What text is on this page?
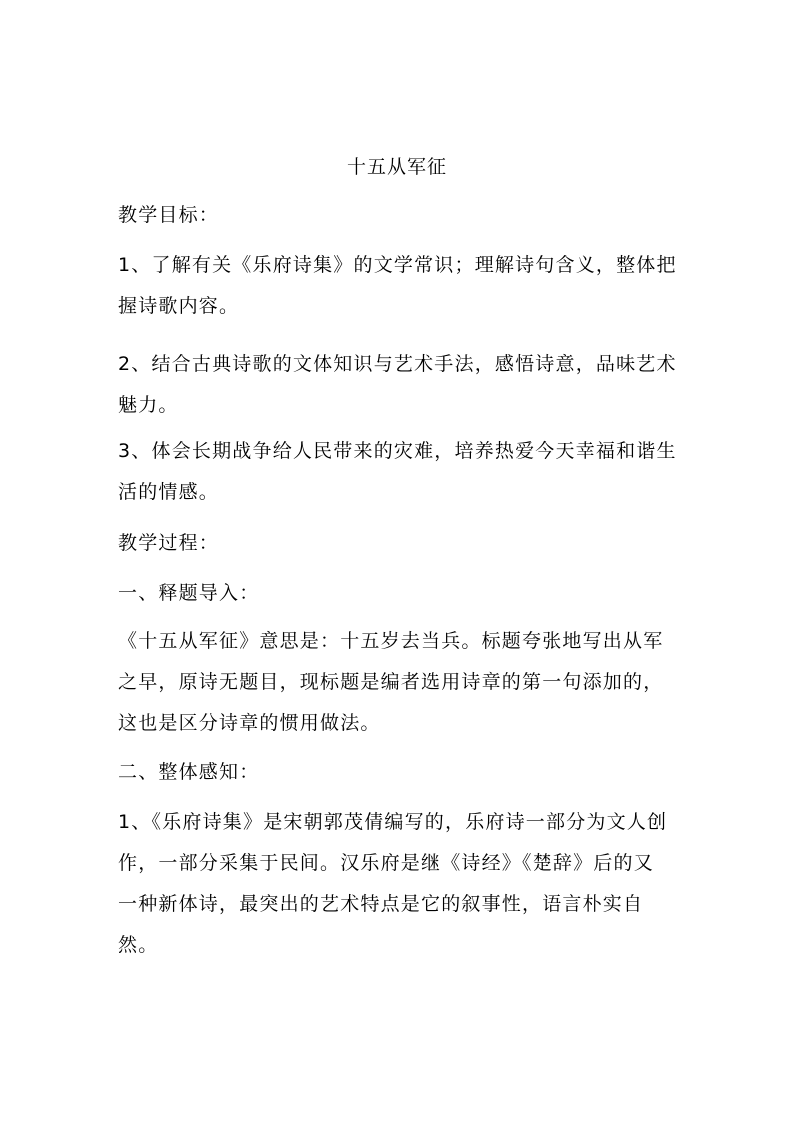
十五从军征
教学目标：
1、了解有关《乐府诗集》的文学常识；理解诗句含义，整体把
握诗歌内容。
2、结合古典诗歌的文体知识与艺术手法，感悟诗意，品味艺术
魅力。
3、体会长期战争给人民带来的灾难，培养热爱今天幸福和谐生
活的情感。
教学过程：
一、释题导入：
《十五从军征》意思是：十五岁去当兵。标题夸张地写出从军
之早，原诗无题目，现标题是编者选用诗章的第一句添加的，
这也是区分诗章的惯用做法。
二、整体感知：
1、《乐府诗集》是宋朝郭茂倩编写的，乐府诗一部分为文人创
作，一部分采集于民间。汉乐府是继《诗经》《楚辞》后的又
一种新体诗，最突出的艺术特点是它的叙事性，语言朴实自
然。
